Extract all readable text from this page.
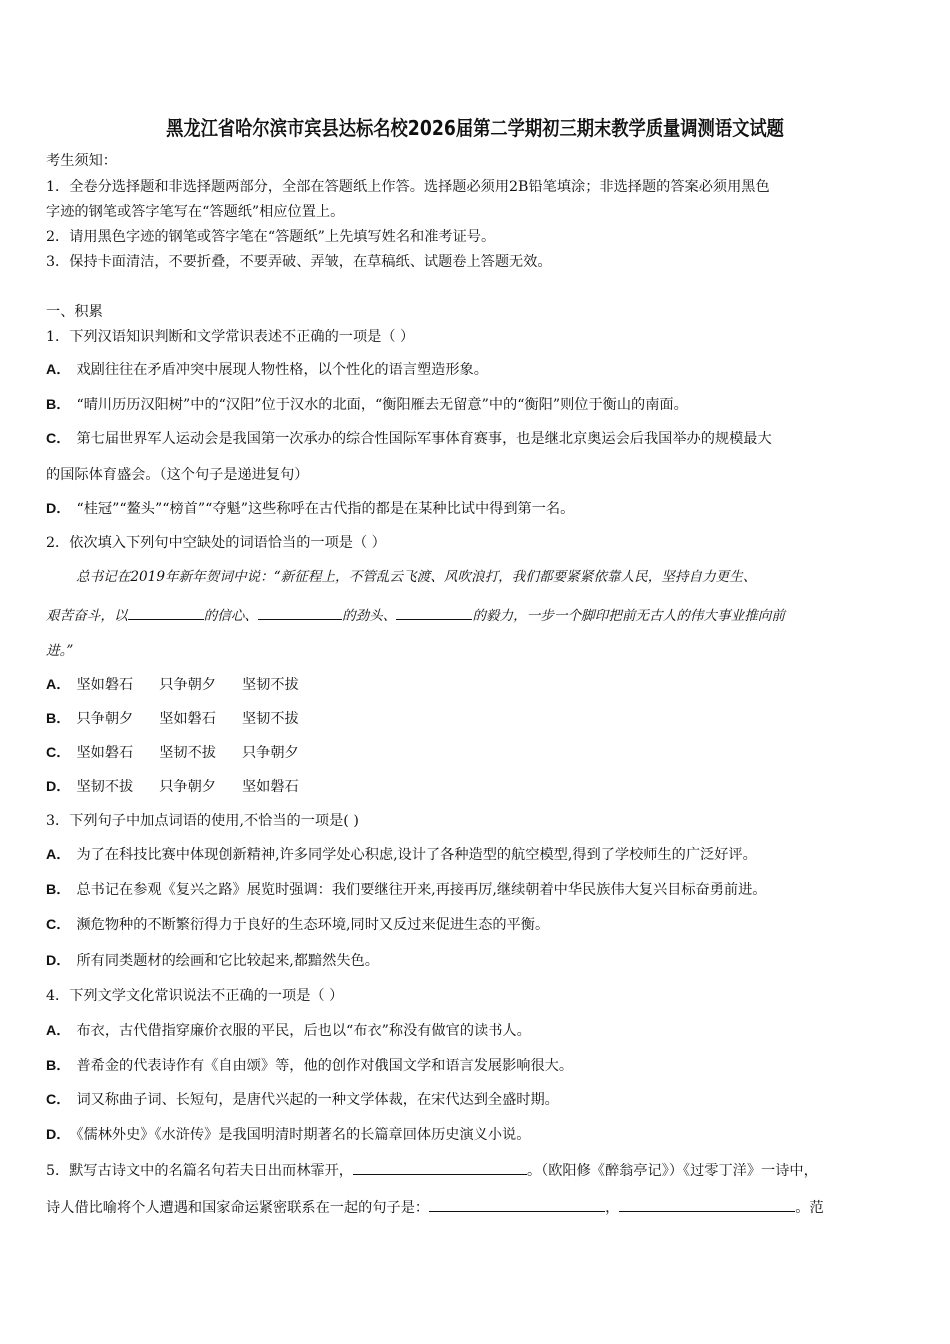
黑龙江省哈尔滨市宾县达标名校2026届第二学期初三期末教学质量调测语文试题
考生须知：
1．全卷分选择题和非选择题两部分，全部在答题纸上作答。选择题必须用2B铅笔填涂；非选择题的答案必须用黑色
字迹的钢笔或答字笔写在“答题纸”相应位置上。
2．请用黑色字迹的钢笔或答字笔在“答题纸”上先填写姓名和准考证号。
3．保持卡面清洁，不要折叠，不要弄破、弄皱，在草稿纸、试题卷上答题无效。
一、积累
1．下列汉语知识判断和文学常识表述不正确的一项是（ ）
A． 戏剧往往在矛盾冲突中展现人物性格，以个性化的语言塑造形象。
B． “晴川历历汉阳树”中的“汉阳”位于汉水的北面，“衡阳雁去无留意”中的“衡阳”则位于衡山的南面。
C． 第七届世界军人运动会是我国第一次承办的综合性国际军事体育赛事，也是继北京奥运会后我国举办的规模最大
的国际体育盛会。（这个句子是递进复句）
D． “桂冠”“鳌头”“榜首”“夺魁”这些称呼在古代指的都是在某种比试中得到第一名。
2．依次填入下列句中空缺处的词语恰当的一项是（ ）
总书记在2019年新年贺词中说：“新征程上，不管乱云飞渡、风吹浪打，我们都要紧紧依靠人民，坚持自力更生、
艰苦奋斗，以	的信心、	的劲头、	的毅力，一步一个脚印把前无古人的伟大事业推向前
进。”
A． 坚如磐石 只争朝夕 坚韧不拔
B． 只争朝夕 坚如磐石 坚韧不拔
C． 坚如磐石 坚韧不拔 只争朝夕
D． 坚韧不拔 只争朝夕 坚如磐石
3．下列句子中加点词语的使用,不恰当的一项是( )
A． 为了在科技比赛中体现创新精神,许多同学处心积虑,设计了各种造型的航空模型,得到了学校师生的广泛好评。
B． 总书记在参观《复兴之路》展览时强调：我们要继往开来,再接再厉,继续朝着中华民族伟大复兴目标奋勇前进。
C． 濒危物种的不断繁衍得力于良好的生态环境,同时又反过来促进生态的平衡。
D． 所有同类题材的绘画和它比较起来,都黯然失色。
4．下列文学文化常识说法不正确的一项是（ ）
A． 布衣，古代借指穿廉价衣服的平民，后也以“布衣”称没有做官的读书人。
B． 普希金的代表诗作有《自由颂》等，他的创作对俄国文学和语言发展影响很大。
C． 词又称曲子词、长短句，是唐代兴起的一种文学体裁，在宋代达到全盛时期。
D． 《儒林外史》《水浒传》是我国明清时期著名的长篇章回体历史演义小说。
5．默写古诗文中的名篇名句若夫日出而林霏开，	。（欧阳修《醉翁亭记》）《过零丁洋》一诗中，
诗人借比喻将个人遭遇和国家命运紧密联系在一起的句子是：	，	。范
